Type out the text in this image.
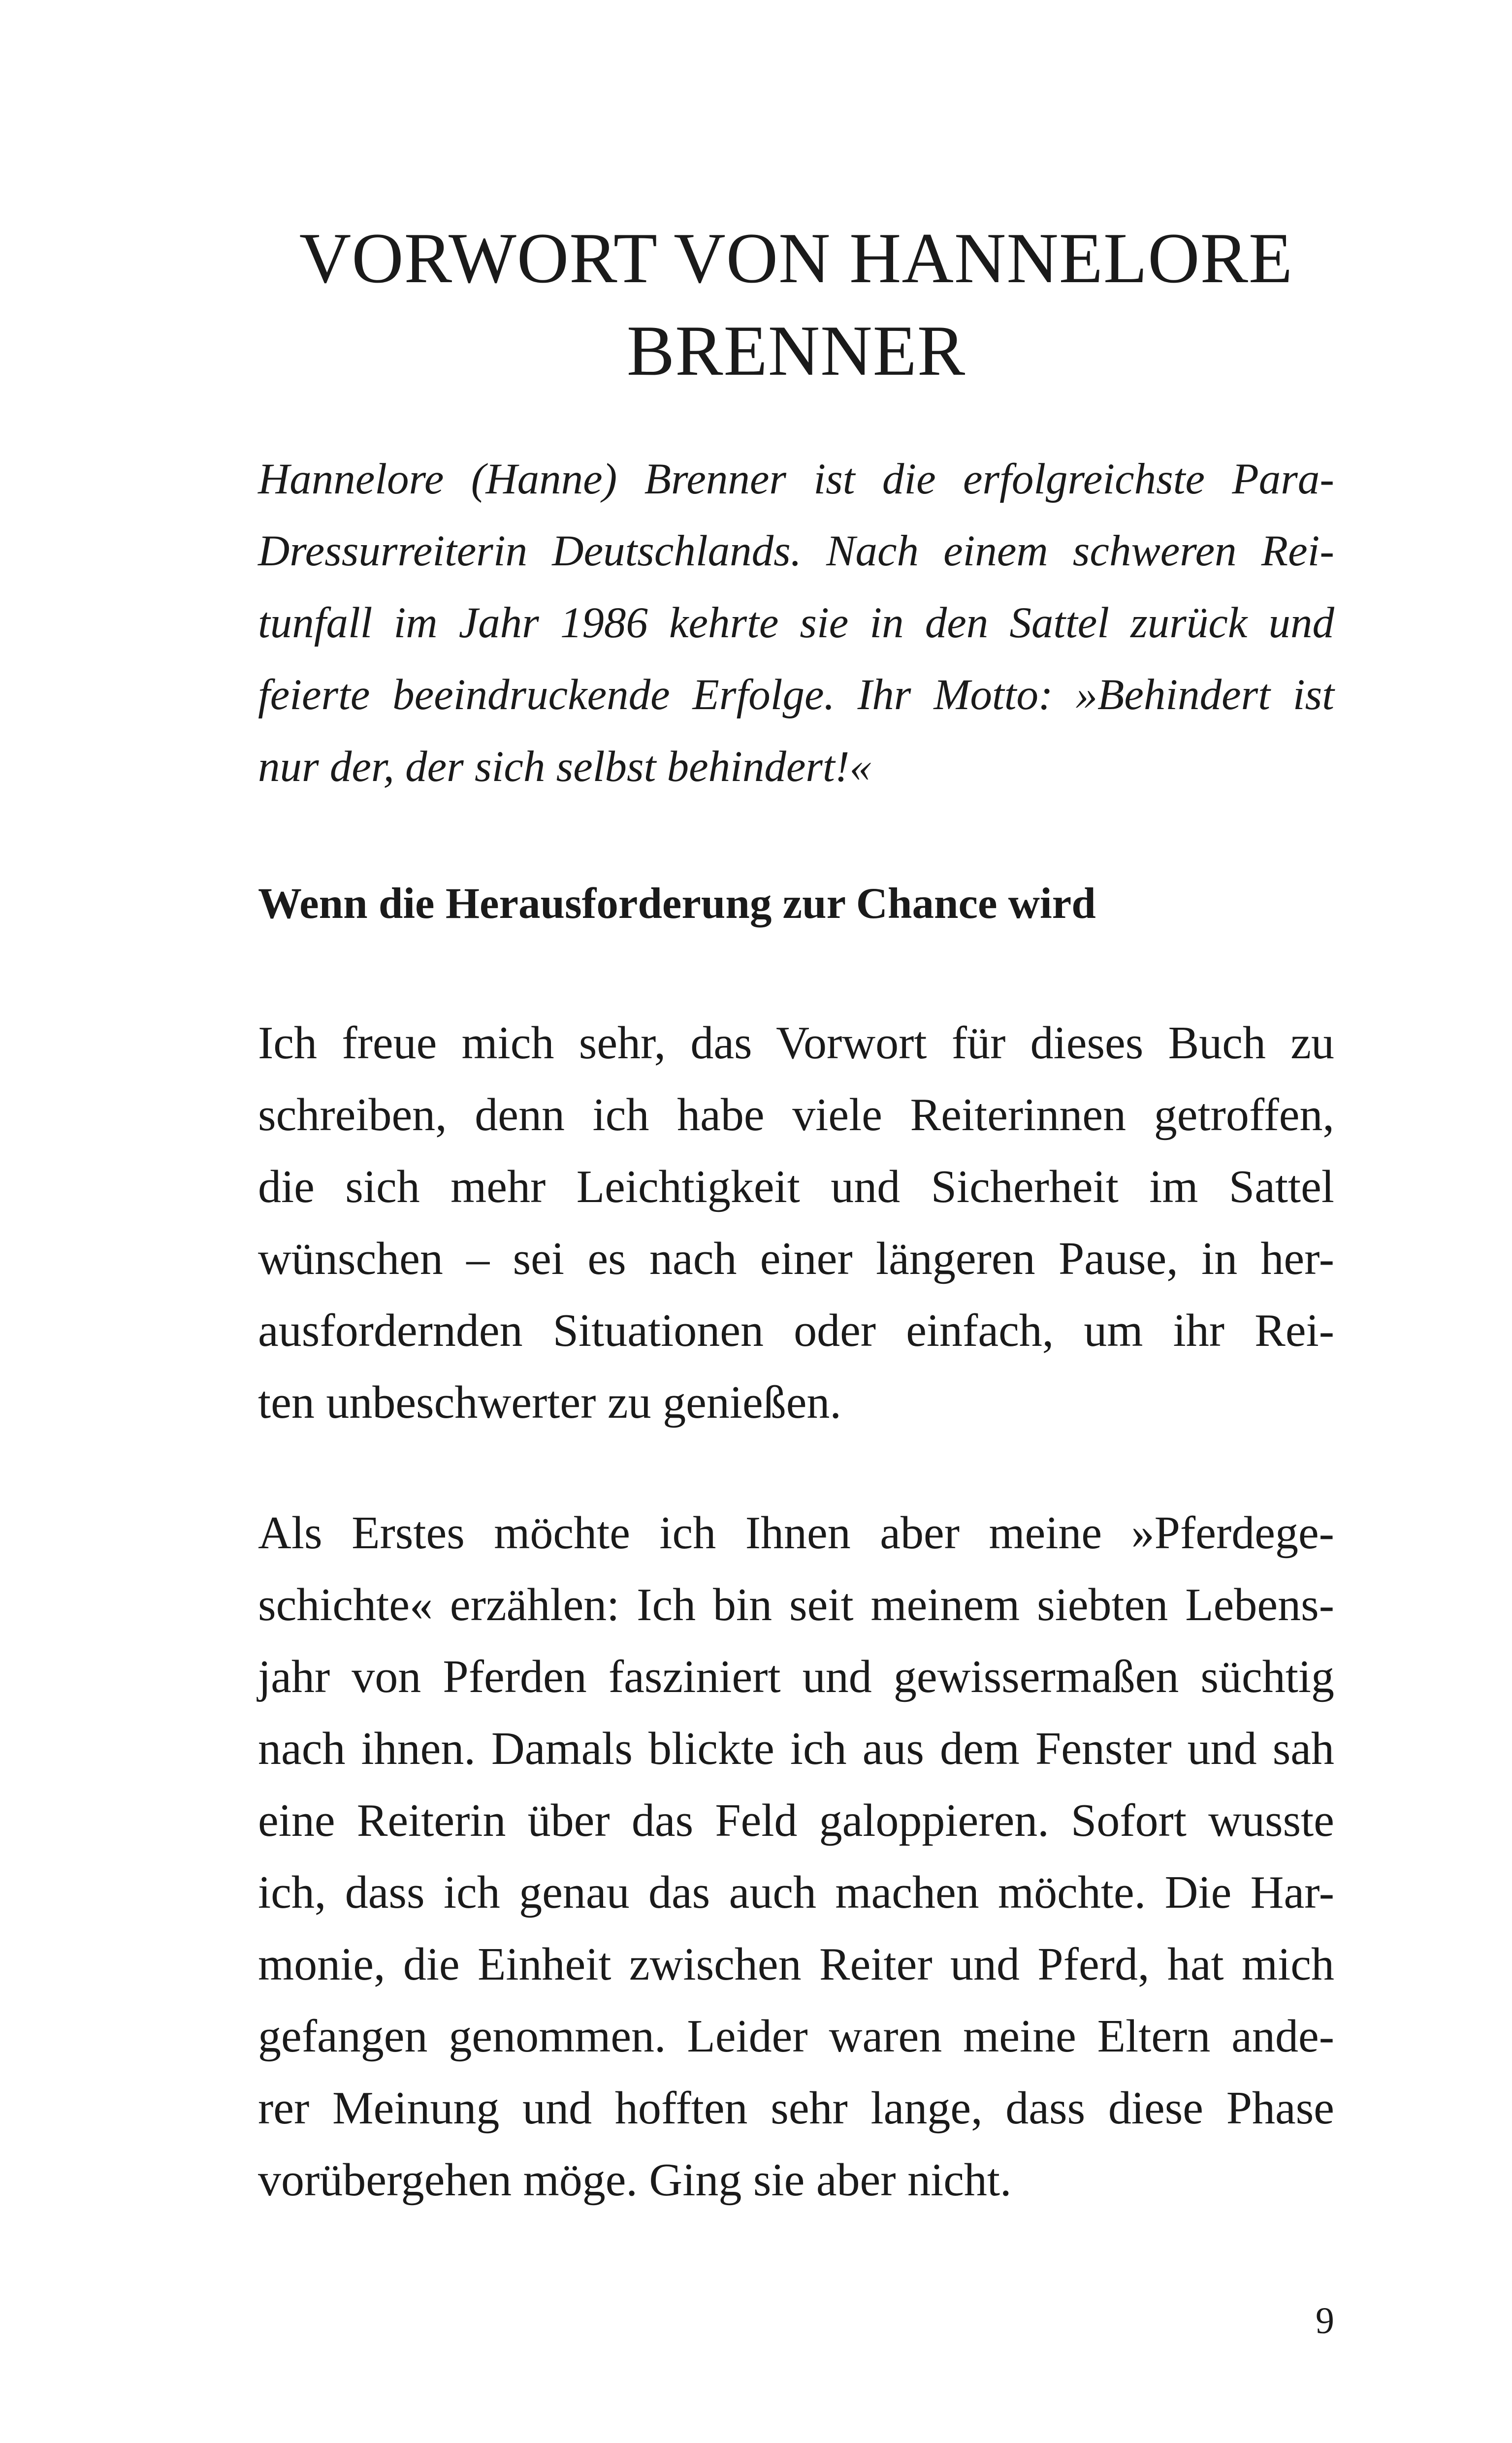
VORWORT VON HANNELORE
BRENNER

Hannelore (Hanne) Brenner ist die erfolgreichste Para-
Dressurreiterin Deutschlands. Nach einem schweren Rei-
tunfall im Jahr 1986 kehrte sie in den Sattel zurück und
feierte beeindruckende Erfolge. Ihr Motto: »Behindert ist
nur der, der sich selbst behindert!«

Wenn die Herausforderung zur Chance wird

Ich freue mich sehr, das Vorwort für dieses Buch zu
schreiben, denn ich habe viele Reiterinnen getroffen,
die sich mehr Leichtigkeit und Sicherheit im Sattel
wünschen – sei es nach einer längeren Pause, in her-
ausfordernden Situationen oder einfach, um ihr Rei-
ten unbeschwerter zu genießen.

Als Erstes möchte ich Ihnen aber meine »Pferdege-
schichte« erzählen: Ich bin seit meinem siebten Lebens-
jahr von Pferden fasziniert und gewissermaßen süchtig
nach ihnen. Damals blickte ich aus dem Fenster und sah
eine Reiterin über das Feld galoppieren. Sofort wusste
ich, dass ich genau das auch machen möchte. Die Har-
monie, die Einheit zwischen Reiter und Pferd, hat mich
gefangen genommen. Leider waren meine Eltern ande-
rer Meinung und hofften sehr lange, dass diese Phase
vorübergehen möge. Ging sie aber nicht.

9
